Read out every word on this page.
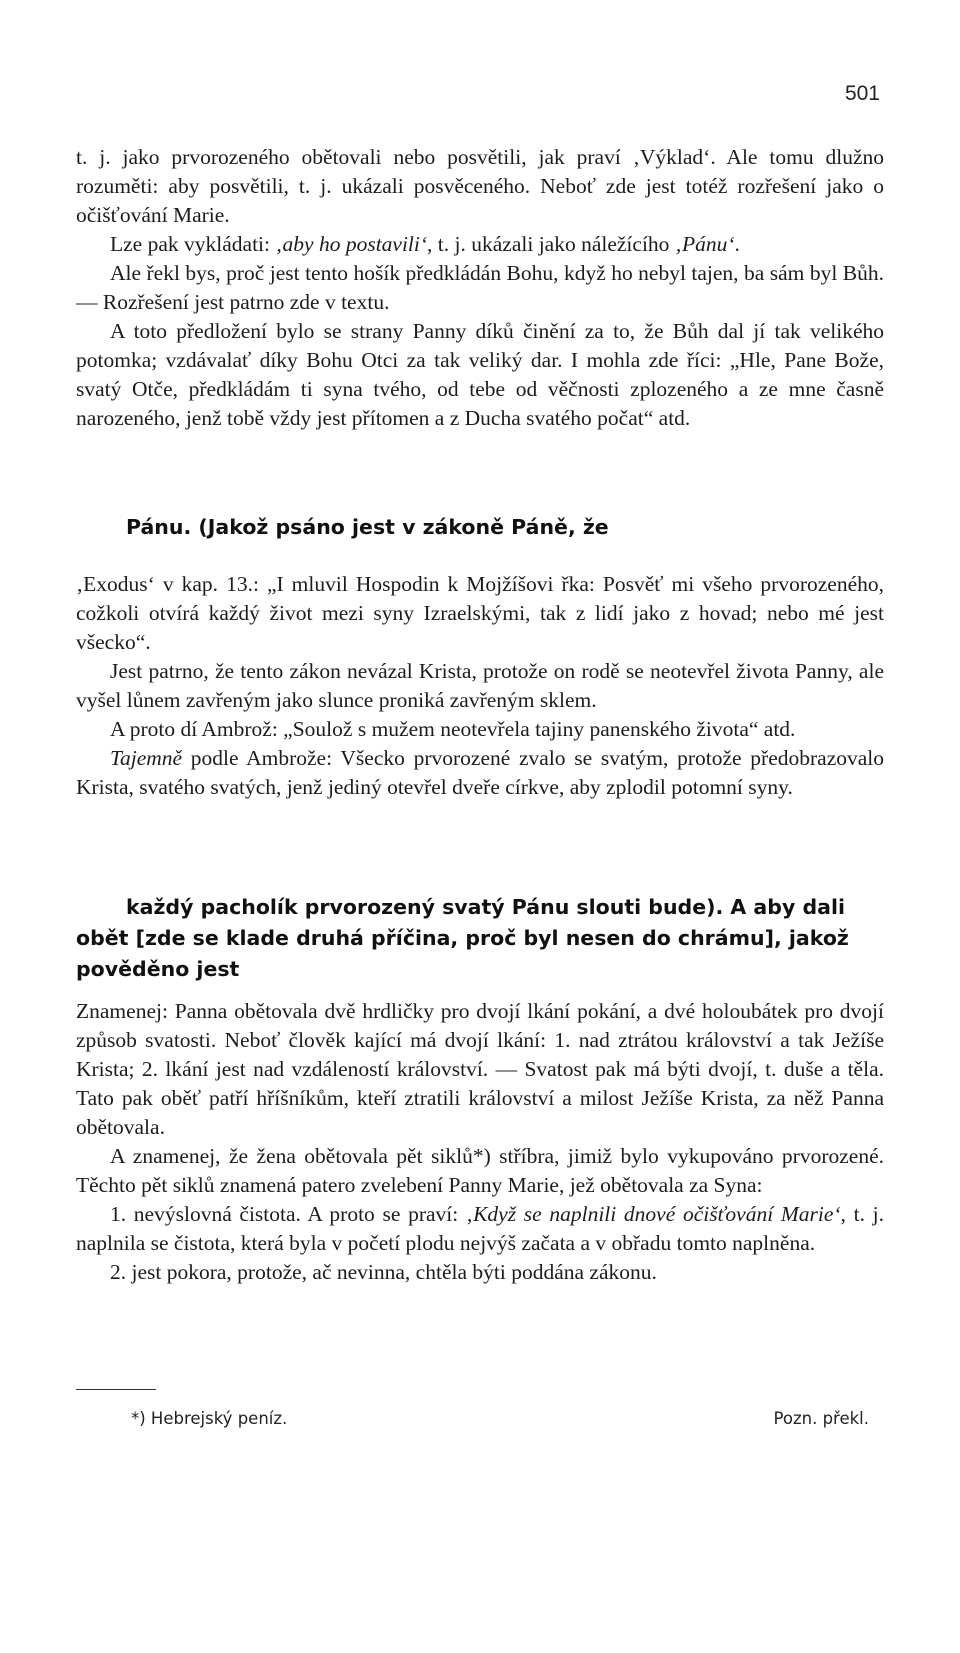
501

t. j. jako prvorozeného obětovali nebo posvětili, jak praví ‚Výklad‘. Ale tomu dlužno rozuměti: aby posvětili, t. j. ukázali posvěceného. Neboť zde jest totéž rozřešení jako o očišťování Marie.

Lze pak vykládati: ‚aby ho postavili‘, t. j. ukázali jako náležícího ‚Pánu‘.

Ale řekl bys, proč jest tento hošík předkládán Bohu, když ho nebyl tajen, ba sám byl Bůh. — Rozřešení jest patrno zde v textu.

A toto předložení bylo se strany Panny díků činění za to, že Bůh dal jí tak velikého potomka; vzdávalať díky Bohu Otci za tak veliký dar. I mohla zde říci: „Hle, Pane Bože, svatý Otče, předkládám ti syna tvého, od tebe od věčnosti zplozeného a ze mne časně narozeného, jenž tobě vždy jest přítomen a z Ducha svatého počat“ atd.

Pánu. (Jakož psáno jest v zákoně Páně, že

‚Exodus‘ v kap. 13.: „I mluvil Hospodin k Mojžíšovi řka: Posvěť mi všeho prvorozeného, cožkoli otvírá každý život mezi syny Izraelskými, tak z lidí jako z hovad; nebo mé jest všecko“.

Jest patrno, že tento zákon nevázal Krista, protože on rodě se neotevřel života Panny, ale vyšel lůnem zavřeným jako slunce proniká zavřeným sklem.

A proto dí Ambrož: „Soulož s mužem neotevřela tajiny panenského života“ atd.

Tajemně podle Ambrože: Všecko prvorozené zvalo se svatým, protože předobrazovalo Krista, svatého svatých, jenž jediný otevřel dveře církve, aby zplodil potomní syny.

každý pacholík prvorozený svatý Pánu slouti bude). A aby dali obět [zde se klade druhá příčina, proč byl nesen do chrámu], jakož pověděno jest

Znamenej: Panna obětovala dvě hrdličky pro dvojí lkání pokání, a dvé holoubátek pro dvojí způsob svatosti. Neboť člověk kající má dvojí lkání: 1. nad ztrátou království a tak Ježíše Krista; 2. lkání jest nad vzdáleností království. — Svatost pak má býti dvojí, t. duše a těla. Tato pak oběť patří hříšníkům, kteří ztratili království a milost Ježíše Krista, za něž Panna obětovala.

A znamenej, že žena obětovala pět siklů*) stříbra, jimiž bylo vykupováno prvorozené. Těchto pět siklů znamená patero zvelebení Panny Marie, jež obětovala za Syna:

1. nevýslovná čistota. A proto se praví: ‚Když se naplnili dnové očišťování Marie‘, t. j. naplnila se čistota, která byla v početí plodu nejvýš začata a v obřadu tomto naplněna.

2. jest pokora, protože, ač nevinna, chtěla býti poddána zákonu.

*) Hebrejský peníz.	Pozn. překl.
